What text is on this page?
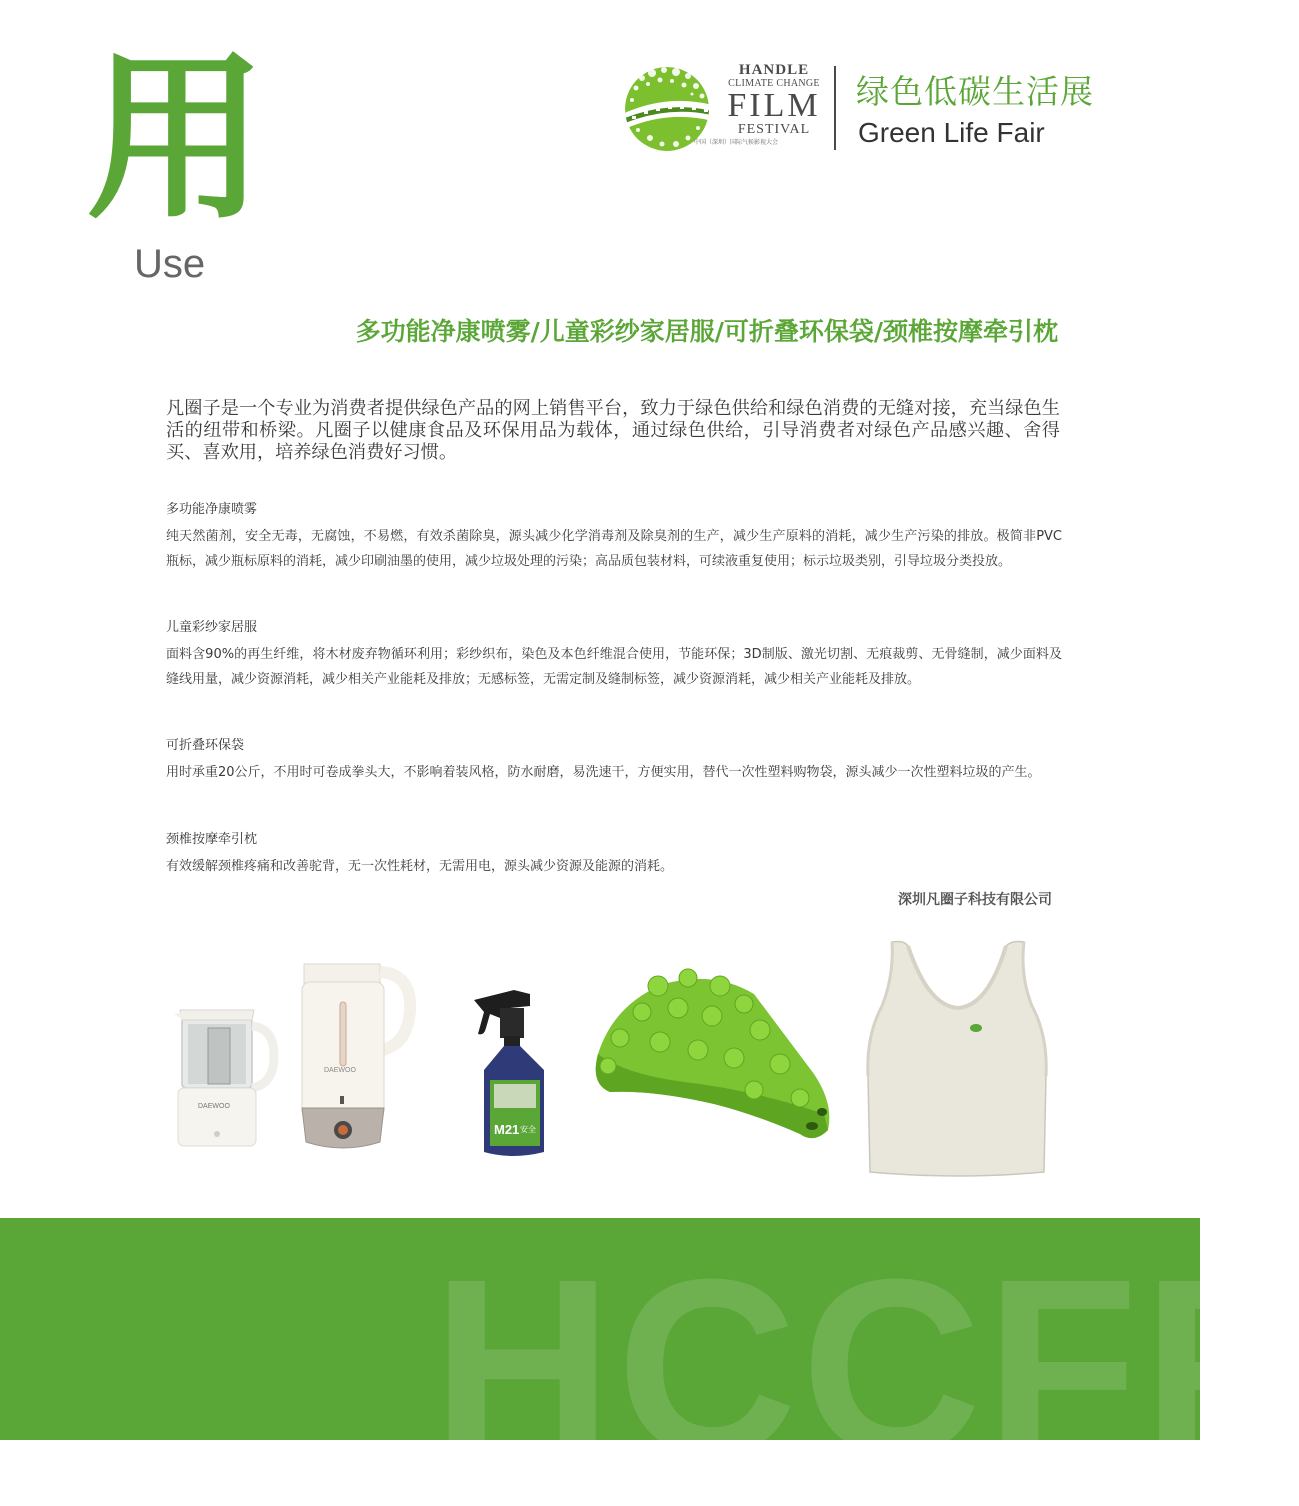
用
Use
HANDLE
CLIMATE CHANGE
FILM
FESTIVAL
中国（深圳）国际气候影视大会
绿色低碳生活展
Green Life Fair
多功能净康喷雾/儿童彩纱家居服/可折叠环保袋/颈椎按摩牵引枕
凡圈子是一个专业为消费者提供绿色产品的网上销售平台，致力于绿色供给和绿色消费的无缝对接，充当绿色生活的纽带和桥梁。凡圈子以健康食品及环保用品为载体，通过绿色供给，引导消费者对绿色产品感兴趣、舍得买、喜欢用，培养绿色消费好习惯。

多功能净康喷雾

纯天然菌剂，安全无毒，无腐蚀，不易燃，有效杀菌除臭，源头减少化学消毒剂及除臭剂的生产，减少生产原料的消耗，减少生产污染的排放。极简非PVC瓶标，减少瓶标原料的消耗，减少印刷油墨的使用，减少垃圾处理的污染；高品质包装材料，可续液重复使用；标示垃圾类别，引导垃圾分类投放。

儿童彩纱家居服

面料含90%的再生纤维，将木材废弃物循环利用；彩纱织布，染色及本色纤维混合使用，节能环保；3D制版、激光切割、无痕裁剪、无骨缝制，减少面料及缝线用量，减少资源消耗，减少相关产业能耗及排放；无感标签，无需定制及缝制标签，减少资源消耗，减少相关产业能耗及排放。

可折叠环保袋

用时承重20公斤，不用时可卷成拳头大，不影响着装风格，防水耐磨，易洗速干，方便实用，替代一次性塑料购物袋，源头减少一次性塑料垃圾的产生。

颈椎按摩牵引枕

有效缓解颈椎疼痛和改善驼背，无一次性耗材，无需用电，源头减少资源及能源的消耗。

深圳凡圈子科技有限公司
DAEWOO
DAEWOO
M21 安全
HCCFF
